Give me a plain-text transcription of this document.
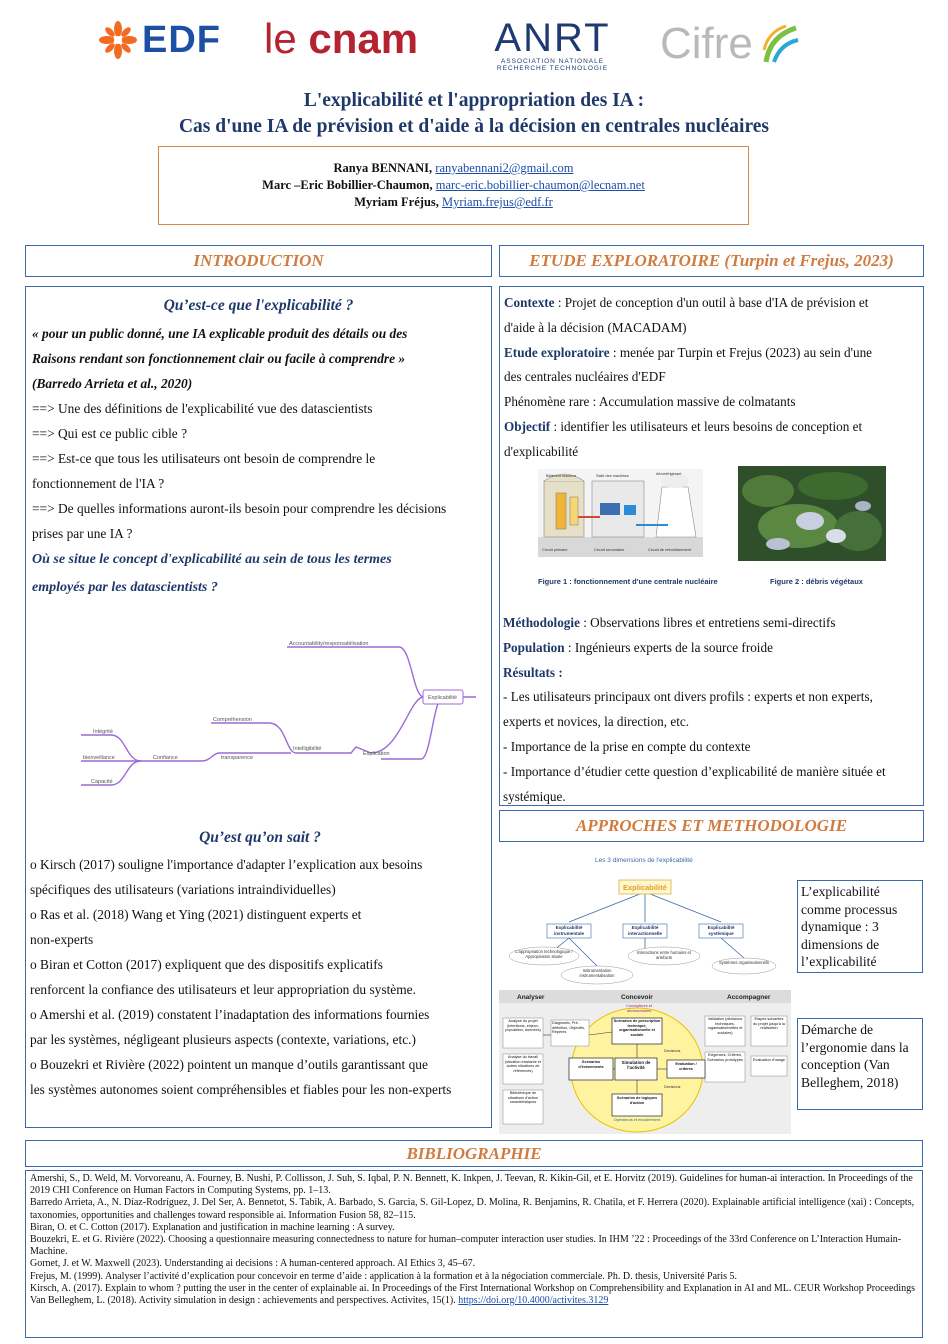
EDF le cnam ANRT
ASSOCIATION NATIONALE
RECHERCHE TECHNOLOGIE
Cifre
L'explicabilité et l'appropriation des IA :
Cas d'une IA de prévision et d'aide à la décision en centrales nucléaires
Ranya BENNANI, ranyabennani2@gmail.com
Marc –Eric Bobillier-Chaumon, marc-eric.bobillier-chaumon@lecnam.net
Myriam Fréjus, Myriam.frejus@edf.fr
INTRODUCTION	ETUDE EXPLORATOIRE (Turpin et Frejus, 2023)

Qu’est-ce que l'explicabilité ?

« pour un public donné, une IA explicable produit des détails ou des

Raisons rendant son fonctionnement clair ou facile à comprendre »

(Barredo Arrieta et al., 2020)

==> Une des définitions de l'explicabilité vue des datascientists

==> Qui est ce public cible ?

==> Est-ce que tous les utilisateurs ont besoin de comprendre le

fonctionnement de l'IA ?

==> De quelles informations auront-ils besoin pour comprendre les décisions

prises par une IA ?

Où se situe le concept d'explicabilité au sein de tous les termes

employés par les datascientists ?

Accountability/responsabilisation
Explicabilité
Compréhension
Intégrité
bienveillance
Capacité
Confiance	transparence
Intelligibilité
Explication

Qu’est qu’on sait ?

o Kirsch (2017) souligne l'importance d'adapter l’explication aux besoins

spécifiques des utilisateurs (variations intraindividuelles)

o Ras et al. (2018) Wang et Ying (2021) distinguent experts et

non-experts

o Biran et Cotton (2017) expliquent que des dispositifs explicatifs

renforcent la confiance des utilisateurs et leur appropriation du système.

o Amershi et al. (2019) constatent l’inadaptation des informations fournies

par les systèmes, négligeant plusieurs aspects (contexte, variations, etc.)

o Bouzekri et Rivière (2022) pointent un manque d’outils garantissant que

les systèmes autonomes soient compréhensibles et fiables pour les non-experts

Contexte : Projet de conception d'un outil à base d'IA de prévision et

d'aide à la décision (MACADAM)

Etude exploratoire : menée par Turpin et Frejus (2023) au sein d'une

des centrales nucléaires d'EDF

Phénomène rare : Accumulation massive de colmatants

Objectif : identifier les utilisateurs et leurs besoins de conception et

d'explicabilité

Bâtiment réacteur	Salle des machines	Aéroréfrigérant
Circuit primaire	Circuit secondaire	Circuit de refroidissement
Figure 1 : fonctionnement d'une centrale nucléaire	Figure 2 : débris végétaux

Méthodologie : Observations libres et entretiens semi-directifs

Population : Ingénieurs experts de la source froide

Résultats :

- Les utilisateurs principaux ont divers profils : experts et non experts,

experts et novices, la direction, etc.

- Importance de la prise en compte du contexte

- Importance d’étudier cette question d’explicabilité de manière située et

systémique.

APPROCHES ET METHODOLOGIE
Les 3 dimensions de l'explicabilité
Explicabilité
Explicabilité instrumentale
Explicabilité interactionnelle
Explicabilité systémique
L'appropriation technologique / Appropriation située
Interactions entre humains et artefacts
Systèmes organisationnels
Instrumentation instrumentalisation
L’explicabilité comme processus dynamique : 3 dimensions de l’explicabilité
Analyser	Concevoir	Accompagner
Analyse du projet (intentions, enjeux, population, données)
Analyse du travail (situation existante et autres situations de références)
Bibliothèque de situations d'action caractéristiques
Diagnostic, Pré-définition, Objectifs, Repères
Concepteurs et décisionnaires
Scénarios de prescription technique, organisationnelle et sociale
Décisions
Scénarios d'évènements
Simulation de l'activité
Evaluation / critères
Scénarios de logiques d'action
Décisions
Opérateurs et encadrement
Validation (décisions techniques, organisationnelles et sociales)
Étapes suivantes du projet jusqu'à la réalisation
Exigences, Critères, Scénarios prototypes	Évaluation d'usage
Démarche de l’ergonomie dans la conception (Van Belleghem, 2018)
BIBLIOGRAPHIE

Amershi, S., D. Weld, M. Vorvoreanu, A. Fourney, B. Nushi, P. Collisson, J. Suh, S. Iqbal, P. N. Bennett, K. Inkpen, J. Teevan, R. Kikin-Gil, et E. Horvitz (2019). Guidelines for human-ai interaction. In Proceedings of the 2019 CHI Conference on Human Factors in Computing Systems, pp. 1–13.

Barredo Arrieta, A., N. Díaz-Rodríguez, J. Del Ser, A. Bennetot, S. Tabik, A. Barbado, S. Garcia, S. Gil-Lopez, D. Molina, R. Benjamins, R. Chatila, et F. Herrera (2020). Explainable artificial intelligence (xai) : Concepts, taxonomies, opportunities and challenges toward responsible ai. Information Fusion 58, 82–115.

Biran, O. et C. Cotton (2017). Explanation and justification in machine learning : A survey.

Bouzekri, E. et G. Rivière (2022). Choosing a questionnaire measuring connectedness to nature for human–computer interaction user studies. In IHM ’22 : Proceedings of the 33rd Conference on L’Interaction Humain-Machine.

Gornet, J. et W. Maxwell (2023). Understanding ai decisions : A human-centered approach. AI Ethics 3, 45–67.

Frejus, M. (1999). Analyser l’activité d’explication pour concevoir en terme d’aide : application à la formation et à la négociation commerciale. Ph. D. thesis, Université Paris 5.

Kirsch, A. (2017). Explain to whom ? putting the user in the center of explainable ai. In Proceedings of the First International Workshop on Comprehensibility and Explanation in AI and ML. CEUR Workshop Proceedings

Van Belleghem, L. (2018). Activity simulation in design : achievements and perspectives. Activites, 15(1). https://doi.org/10.4000/activites.3129
